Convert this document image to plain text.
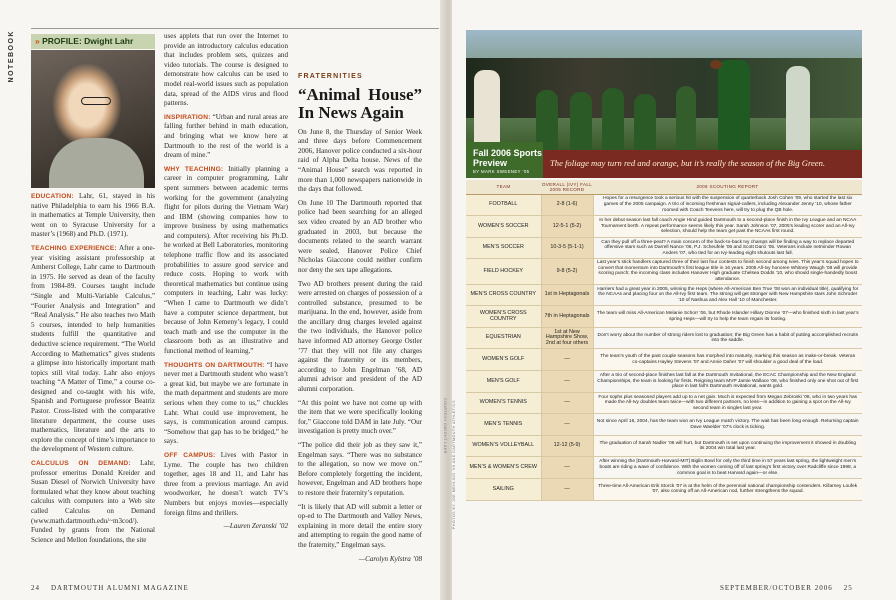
NOTEBOOK	» PROFILE: Dwight Lahr

EDUCATION: Lahr, 61, stayed in his native Philadelphia to earn his 1966 B.A. in mathematics at Temple University, then went on to Syracuse University for a master’s (1968) and Ph.D. (1971).

TEACHING EXPERIENCE: After a one-year visiting assistant professorship at Amherst College, Lahr came to Dartmouth in 1975. He served as dean of the faculty from 1984-89. Courses taught include “Single and Multi-Variable Calculus,” “Fourier Analysis and Integration” and “Real Analysis.” He also teaches two Math 5 courses, intended to help humanities students fulfill the quantitative and deductive science requirement. “The World According to Mathematics” gives students a glimpse into historically important math topics still vital today. Lahr also enjoys teaching “A Matter of Time,” a course co-designed and co-taught with his wife, Spanish and Portuguese professor Beatriz Pastor. Cross-listed with the comparative literature department, the course uses mathematics, literature and the arts to explore the concept of time’s importance to the development of Western culture.

CALCULUS ON DEMAND: Lahr, professor emeritus Donald Kreider and Susan Diesel of Norwich University have formulated what they know about teaching calculus with computers into a Web site called Calculus on Demand (www.math.dartmouth.edu/~m3cod/). Funded by grants from the National Science and Mellon foundations, the site

uses applets that run over the Internet to provide an introductory calculus education that includes problem sets, quizzes and video tutorials. The course is designed to demonstrate how calculus can be used to model real-world issues such as population data, spread of the AIDS virus and flood patterns.

INSPIRATION: “Urban and rural areas are falling further behind in math education, and bringing what we know here at Dartmouth to the rest of the world is a dream of mine.”

WHY TEACHING: Initially planning a career in computer programming, Lahr spent summers between academic terms working for the government (analyzing flight for pilots during the Vietnam War) and IBM (showing companies how to improve business by using mathematics and computers). After receiving his Ph.D. he worked at Bell Laboratories, monitoring telephone traffic flow and its associated probabilities to assure good service and reduce costs. Hoping to work with theoretical mathematics but continue using computers in teaching, Lahr was lucky: “When I came to Dartmouth we didn’t have a computer science department, but because of John Kemeny’s legacy, I could teach math and use the computer in the classroom both as an illustrative and functional method of learning.”

THOUGHTS ON DARTMOUTH: “I have never met a Dartmouth student who wasn’t a great kid, but maybe we are fortunate in the math department and students are more serious when they come to us,” chuckles Lahr. What could use improvement, he says, is communication around campus. “Somehow that gap has to be bridged,” he says.

OFF CAMPUS: Lives with Pastor in Lyme. The couple has two children together, ages 18 and 11, and Lahr has three from a previous marriage. An avid woodworker, he doesn’t watch TV’s Numbers but enjoys movies—especially foreign films and thrillers.

—Lauren Zeranski ’02

FRATERNITIES
“Animal House” In News Again

On June 8, the Thursday of Senior Week and three days before Commencement 2006, Hanover police conducted a six-hour raid of Alpha Delta house. News of the “Animal House” search was reported in more than 1,000 newspapers nationwide in the days that followed.

On June 10 The Dartmouth reported that police had been searching for an alleged sex video created by an AD brother who graduated in 2003, but because the documents related to the search warrant were sealed, Hanover Police Chief Nicholas Giaccone could neither confirm nor deny the sex tape allegations.

Two AD brothers present during the raid were arrested on charges of possession of a controlled substance, presumed to be marijuana. In the end, however, aside from the ancillary drug charges leveled against the two individuals, the Hanover police have informed AD attorney George Ostler ’77 that they will not file any charges against the fraternity or its members, according to John Engelman ’68, AD alumni advisor and president of the AD alumni corporation.

“At this point we have not come up with the item that we were specifically looking for,” Giaccone told DAM in late July. “Our investigation is pretty much over.”

“The police did their job as they saw it,” Engelman says. “There was no substance to the allegation, so now we move on.” Before completely forgetting the incident, however, Engelman and AD brothers hope to restore their fraternity’s reputation.

“It is likely that AD will submit a letter or op-ed to The Dartmouth and Valley News, explaining in more detail the entire story and attempting to regain the good name of the fraternity,” Engelman says.

—Carolyn Kylstra ’08

24 DARTMOUTH ALUMNI MAGAZINE
COURTESY DWIGHT LAHR
Fall 2006 Sports Preview
BY MARK SWEENEY ’05
The foliage may turn red and orange, but it’s really the season of the Big Green.
TEAM	OVERALL (IVY) FALL 2005 RECORD	2006 SCOUTING REPORT
FOOTBALL	2-8 (1-6)	Hopes for a resurgence took a serious hit with the suspension of quarterback Josh Cohen ’09, who started the last six games of the 2005 campaign. A trio of incoming freshman signal-callers, including Alexander Jenny ’10, whose father roomed with Coach Teevens here, will try to plug the QB hole.
WOMEN’S SOCCER	12-5-1 (5-2)	In her debut season last fall coach Angie Hind guided Dartmouth to a second-place finish in the Ivy League and an NCAA Tournament berth. A repeat performance seems likely this year. Sarah Johnson ’07, 2005’s leading scorer and an All-Ivy selection, should help the team get past the NCAAs first round.
MEN’S SOCCER	10-3-5 (5-1-1)	Can they pull off a three-peat? A main concern of the back-to-back Ivy champs will be finding a way to replace departed offensive stars such as Darrell Nance ’06, P.J. Scheufele ’06 and Scott Darci ’05. Veterans include netminder Rowan Anders ’07, who tied for an Ivy-leading eight shutouts last fall.
FIELD HOCKEY	9-8 (5-2)	Last year’s stick handlers captured three of their last four contests to finish second among Ivies. This year’s squad hopes to convert that momentum into Dartmouth’s first league title in 16 years. 2005 All-Ivy honoree Whitney Waugh ’08 will provide scoring punch; the incoming class includes Hanover High graduate Chelsea Dodds ’10, who should single-handedly boost attendance.
MEN’S CROSS COUNTRY	1st in Heptagonals	Harriers had a great year in 2005, winning the Heps (where All-American Ben True ’08 won an individual title), qualifying for the NCAAs and placing four on the All-Ivy first team. The strong will get stronger with New Hampshire stars John Schroder ’10 of Nashua and Alex Hall ’10 of Manchester.
WOMEN’S CROSS COUNTRY	7th in Heptagonals	The team will miss All-American Melanie Schorr ’06, but Rhode Islander Hillary Dionne ’07—who finished sixth in last year’s spring Heps—will try to help the team regain its footing.
EQUESTRIAN	1st at New Hampshire Show, 2nd at four others	Don’t worry about the number of strong riders lost to graduation; the Big Green has a habit of putting accomplished recruits into the saddle.
WOMEN’S GOLF	—	The team’s youth of the past couple seasons has morphed into maturity, marking this season as make-or-break. Veteran co-captains Hayley Stevens ’07 and Annie Daher ’07 will shoulder a good deal of the load.
MEN’S GOLF	—	After a trio of second-place finishes last fall at the Dartmouth Invitational, the ECAC Championship and the New England Championships, the team is looking for firsts. Reigning team MVP Jamie Wallace ’08, who finished only one shot out of first place in last fall’s Dartmouth Invitational, wants gold.
WOMEN’S TENNIS	—	Four sophs plus seasoned players add up to a net gain. Much is expected from Megan Zebroski ’08, who in two years has made the All-Ivy doubles team twice—with two different partners, no less—in addition to gaining a spot on the All-Ivy second team in singles last year.
MEN’S TENNIS	—	Not since April 16, 2004, has the team won an Ivy League match victory. The wait has been long enough. Returning captain Dave Waelder ’07’s clock is ticking.
WOMEN’S VOLLEYBALL	12-12 (5-9)	The graduation of Sarah Nadler ’06 will hurt, but Dartmouth is set upon continuing the improvement it showed in doubling its 2004 win total last year.
MEN’S & WOMEN’S CREW	—	After winning the [Dartmouth-Harvard-MIT] Biglin Bowl for only the third time in 57 years last spring, the lightweight men’s boats are riding a wave of confidence. With the women coming off of last spring’s first victory over Radcliffe since 1998, a common goal is to beat Harvard again—or else.
SAILING	—	Three-time All-American Erik Storck ’07 is at the helm of the perennial national championship contenders. Killarney Loufek ’07, also coming off an All-American nod, further strengthens the squad.
PHOTOS BY JOE MEHLING ’69 AND DARTMOUTH ATHLETICS
SEPTEMBER/OCTOBER 2006 25
